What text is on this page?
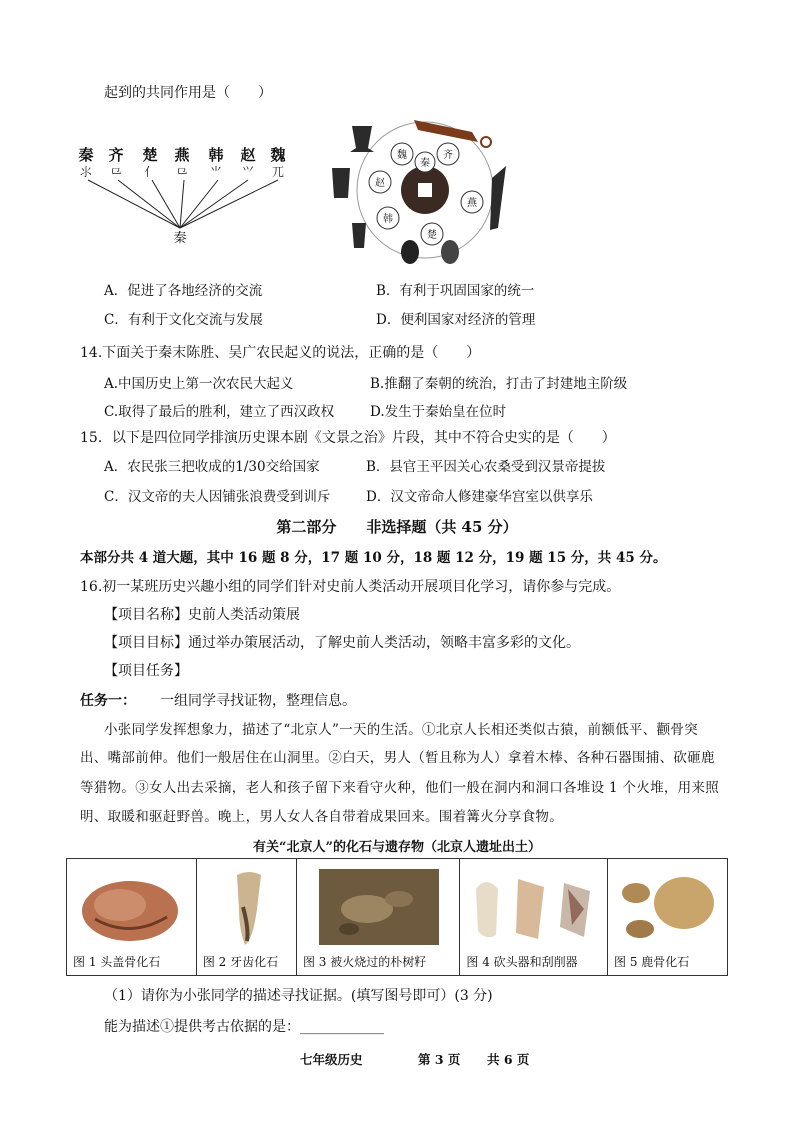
起到的共同作用是（　　）
秦 齐 楚 燕 韩 赵 魏
⺢ ⺋ ⺅ ⺋ ⺌ ⺍ ⺎
秦
秦
魏	齐
燕
楚
韩
赵
A．促进了各地经济的交流	B．有利于巩固国家的统一
C．有利于文化交流与发展	D．便利国家对经济的管理
14.下面关于秦末陈胜、吴广农民起义的说法，正确的是（　　）
A.中国历史上第一次农民大起义	B.推翻了秦朝的统治，打击了封建地主阶级
C.取得了最后的胜利，建立了西汉政权	D.发生于秦始皇在位时
15．以下是四位同学排演历史课本剧《文景之治》片段，其中不符合史实的是（　　）
A．农民张三把收成的1/30交给国家	B．县官王平因关心农桑受到汉景帝提拔
C．汉文帝的夫人因铺张浪费受到训斥	D．汉文帝命人修建豪华宫室以供享乐
第二部分　　非选择题（共 45 分）
本部分共 4 道大题，其中 16 题 8 分，17 题 10 分，18 题 12 分，19 题 15 分，共 45 分。
16.初一某班历史兴趣小组的同学们针对史前人类活动开展项目化学习，请你参与完成。
【项目名称】史前人类活动策展
【项目目标】通过举办策展活动，了解史前人类活动，领略丰富多彩的文化。
【项目任务】
任务一： 一组同学寻找证物，整理信息。
小张同学发挥想象力，描述了“北京人”一天的生活。①北京人长相还类似古猿，前额低平、颧骨突
出、嘴部前伸。他们一般居住在山洞里。②白天，男人（暂且称为人）拿着木棒、各种石器围捕、砍砸鹿
等猎物。③女人出去采摘，老人和孩子留下来看守火种，他们一般在洞内和洞口各堆设 1 个火堆，用来照
明、取暖和驱赶野兽。晚上，男人女人各自带着成果回来。围着篝火分享食物。
有关“北京人”的化石与遗存物（北京人遗址出土）
图 1 头盖骨化石	图 2 牙齿化石	图 3 被火烧过的朴树籽	图 4 砍头器和刮削器	图 5 鹿骨化石
（1）请你为小张同学的描述寻找证据。(填写图号即可）(3 分)
能为描述①提供考古依据的是：____________
七年级历史	第 3 页 共 6 页
